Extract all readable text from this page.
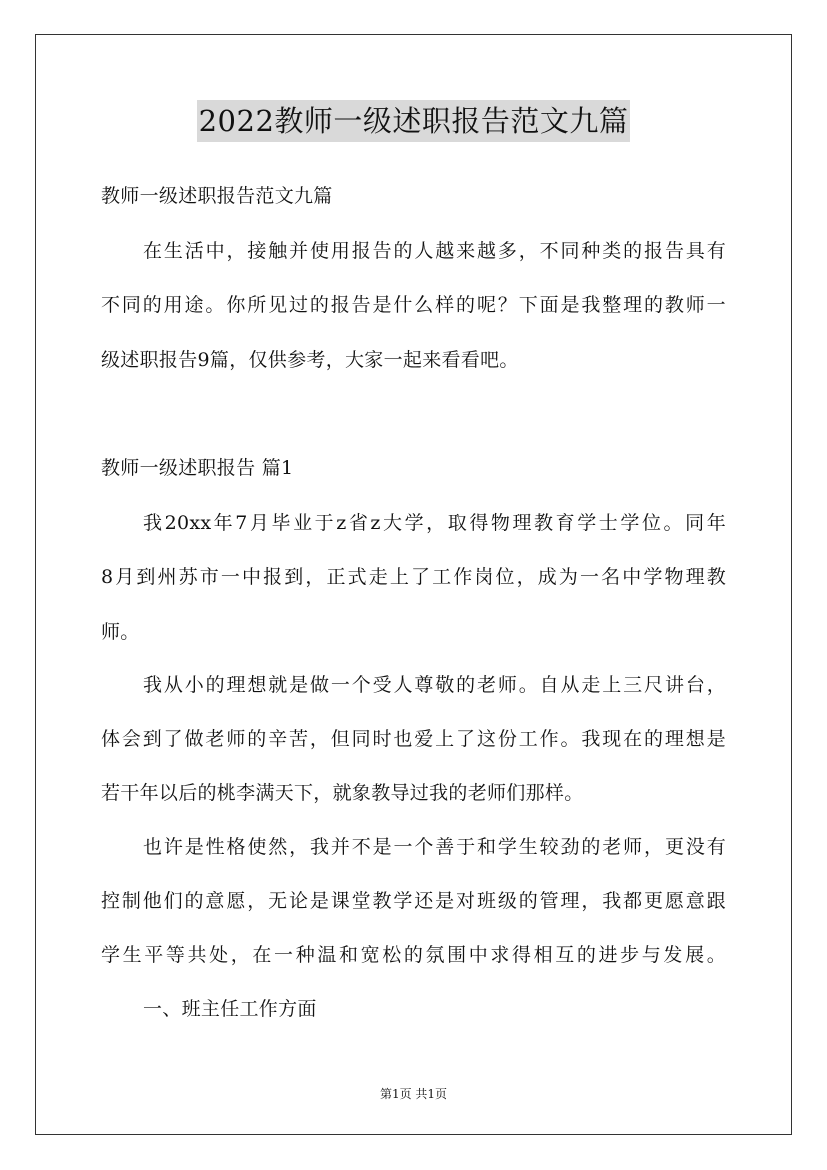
2022教师一级述职报告范文九篇
教师一级述职报告范文九篇
在生活中，接触并使用报告的人越来越多，不同种类的报告具有
不同的用途。你所见过的报告是什么样的呢？下面是我整理的教师一
级述职报告9篇，仅供参考，大家一起来看看吧。
教师一级述职报告 篇1
我20xx年7月毕业于z省z大学，取得物理教育学士学位。同年
8月到州苏市一中报到，正式走上了工作岗位，成为一名中学物理教
师。
我从小的理想就是做一个受人尊敬的老师。自从走上三尺讲台，
体会到了做老师的辛苦，但同时也爱上了这份工作。我现在的理想是
若干年以后的桃李满天下，就象教导过我的老师们那样。
也许是性格使然，我并不是一个善于和学生较劲的老师，更没有
控制他们的意愿，无论是课堂教学还是对班级的管理，我都更愿意跟
学生平等共处，在一种温和宽松的氛围中求得相互的进步与发展。
一、班主任工作方面
第1页 共1页
